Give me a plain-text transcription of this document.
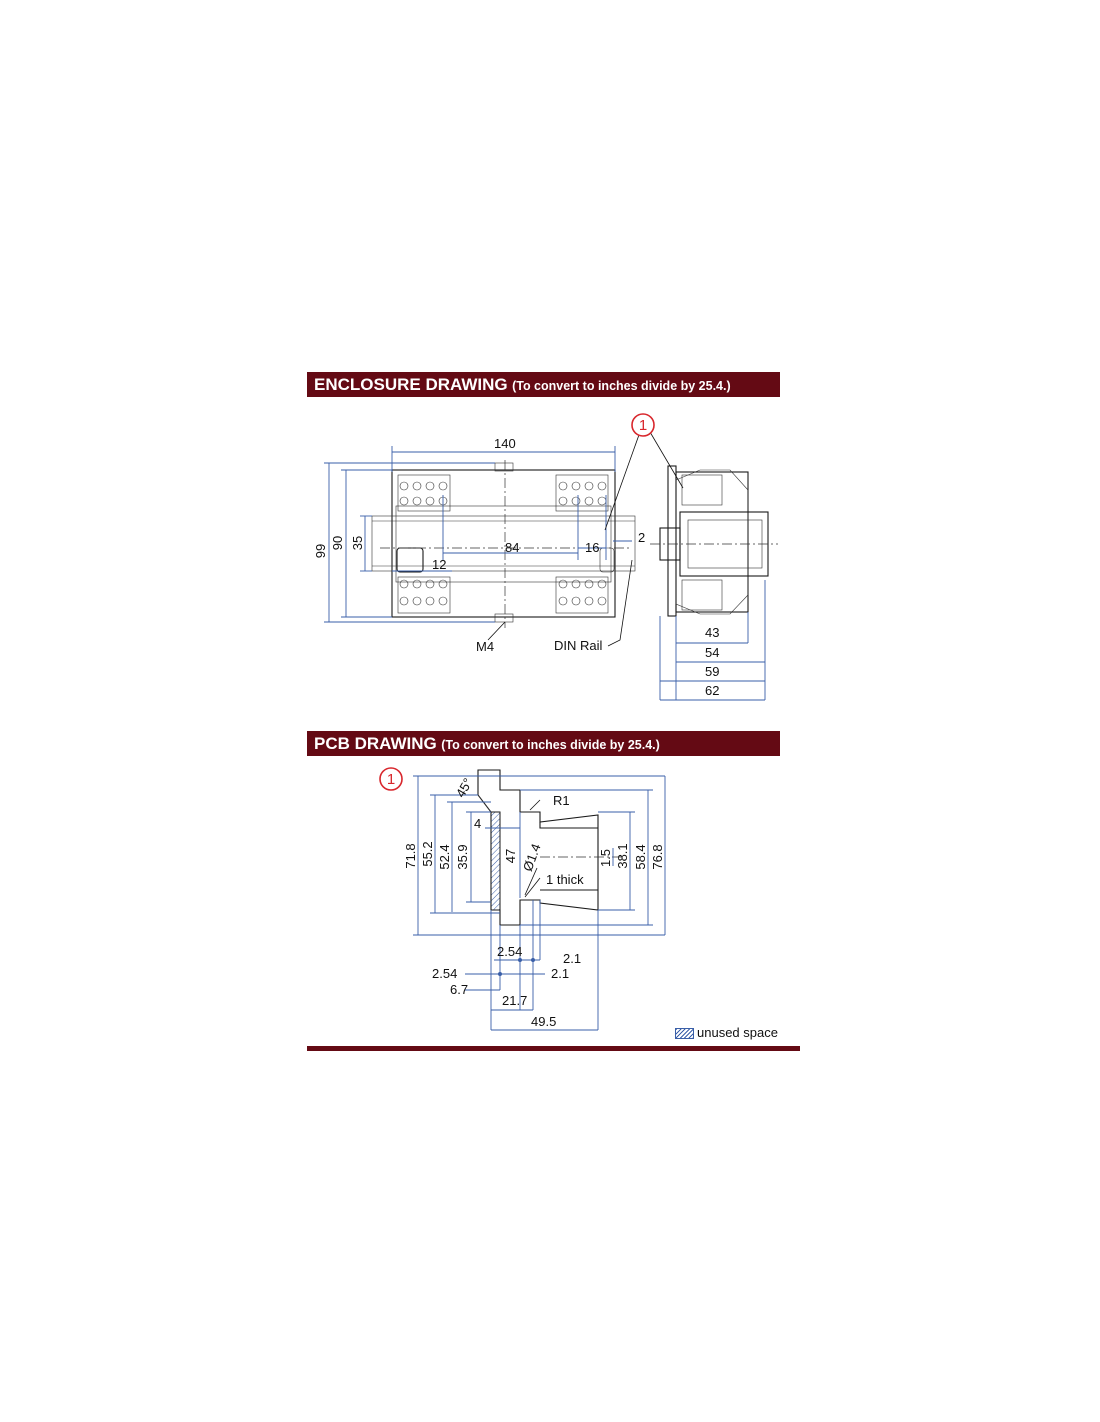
ENCLOSURE DRAWING (To convert to inches divide by 25.4.)
PCB DRAWING (To convert to inches divide by 25.4.)
140
99
90 35	84	16
12
2
M4	DIN Rail
43
54
59
62
1
1
71.8 55.2 52.4 35.9	47	1.5 38.1 58.4 76.8
4
45°
R1
Ø1.4
1 thick
2.54	2.1
2.54	2.1
6.7
21.7
49.5
unused space
